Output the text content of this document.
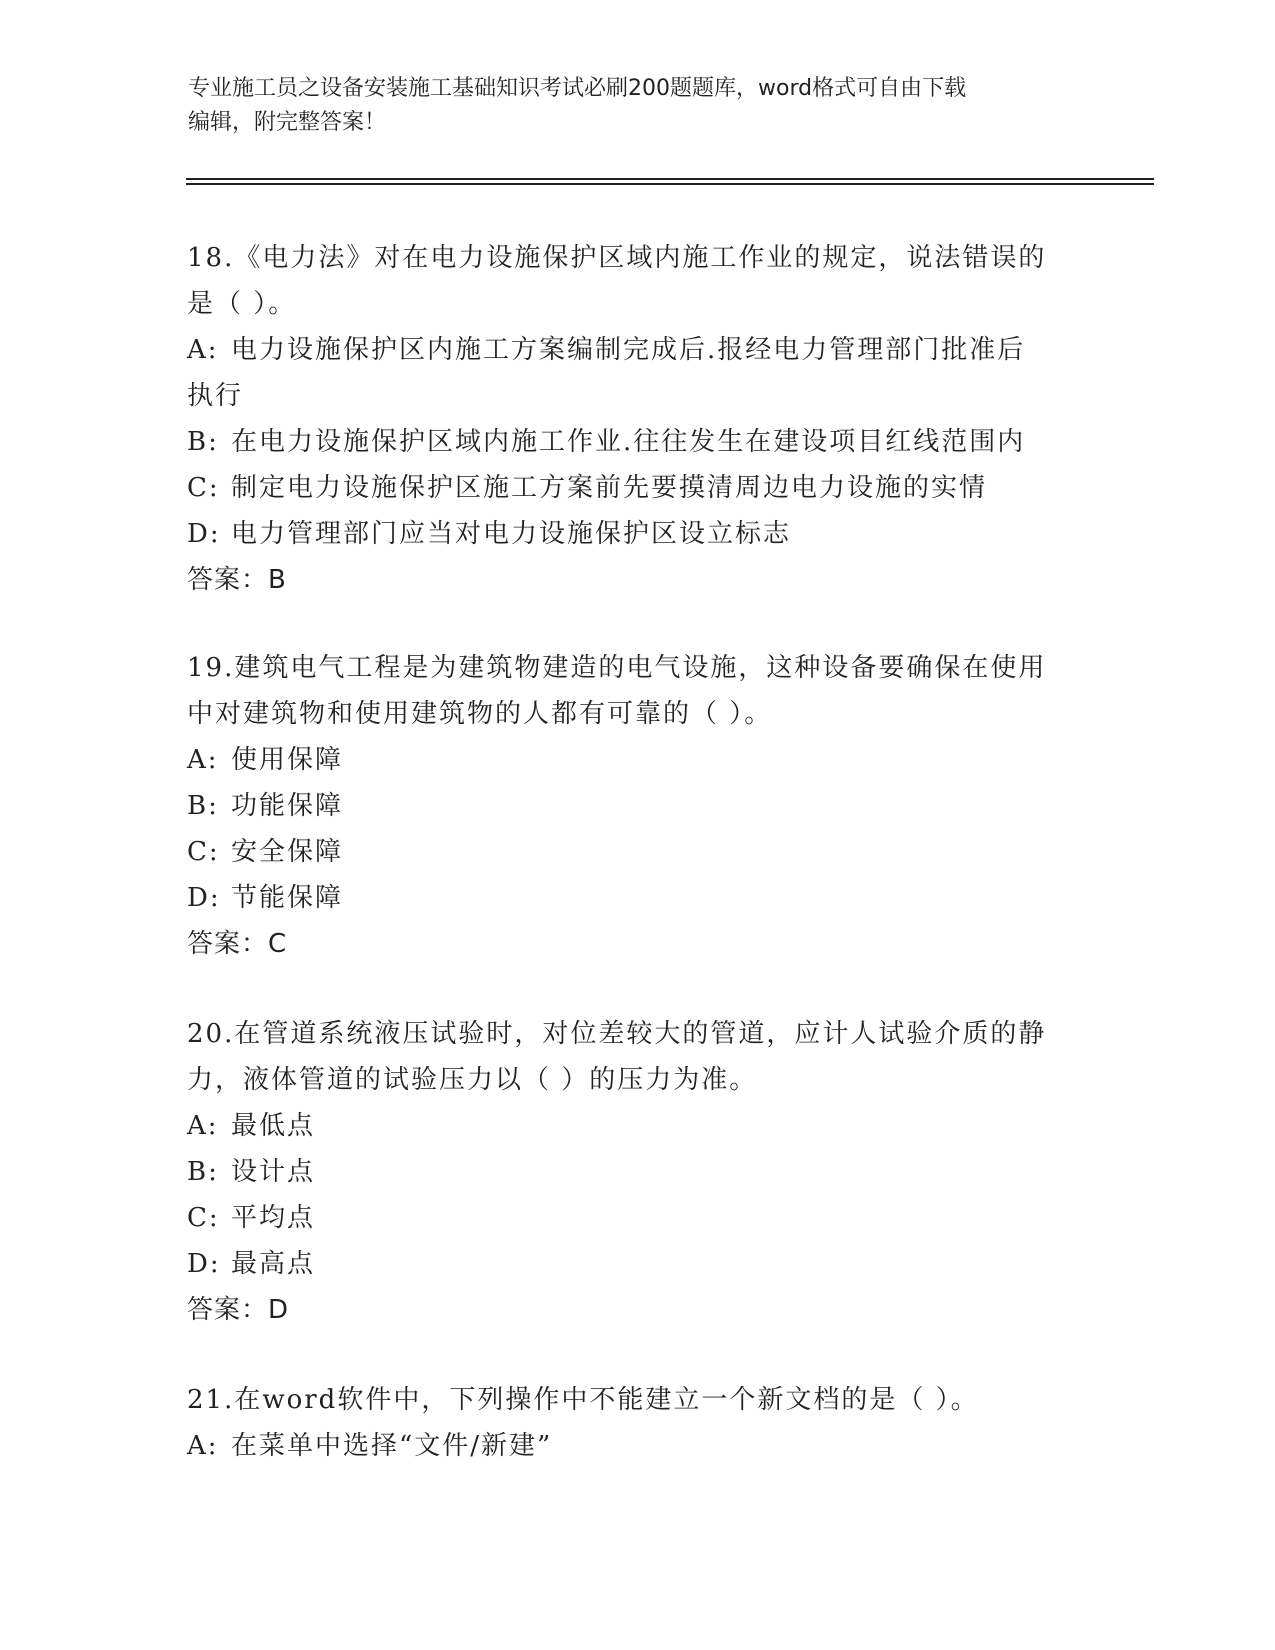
专业施工员之设备安装施工基础知识考试必刷200题题库，word格式可自由下载
编辑，附完整答案！

18.《电力法》对在电力设施保护区域内施工作业的规定，说法错误的

是（ ）。

A: 电力设施保护区内施工方案编制完成后.报经电力管理部门批准后

执行

B: 在电力设施保护区域内施工作业.往往发生在建设项目红线范围内

C: 制定电力设施保护区施工方案前先要摸清周边电力设施的实情

D: 电力管理部门应当对电力设施保护区设立标志

答案：B

19.建筑电气工程是为建筑物建造的电气设施，这种设备要确保在使用

中对建筑物和使用建筑物的人都有可靠的（ ）。

A: 使用保障

B: 功能保障

C: 安全保障

D: 节能保障

答案：C

20.在管道系统液压试验时，对位差较大的管道，应计人试验介质的静

力，液体管道的试验压力以（ ）的压力为准。

A: 最低点

B: 设计点

C: 平均点

D: 最高点

答案：D

21.在word软件中，下列操作中不能建立一个新文档的是（ ）。

A: 在菜单中选择“文件/新建”
